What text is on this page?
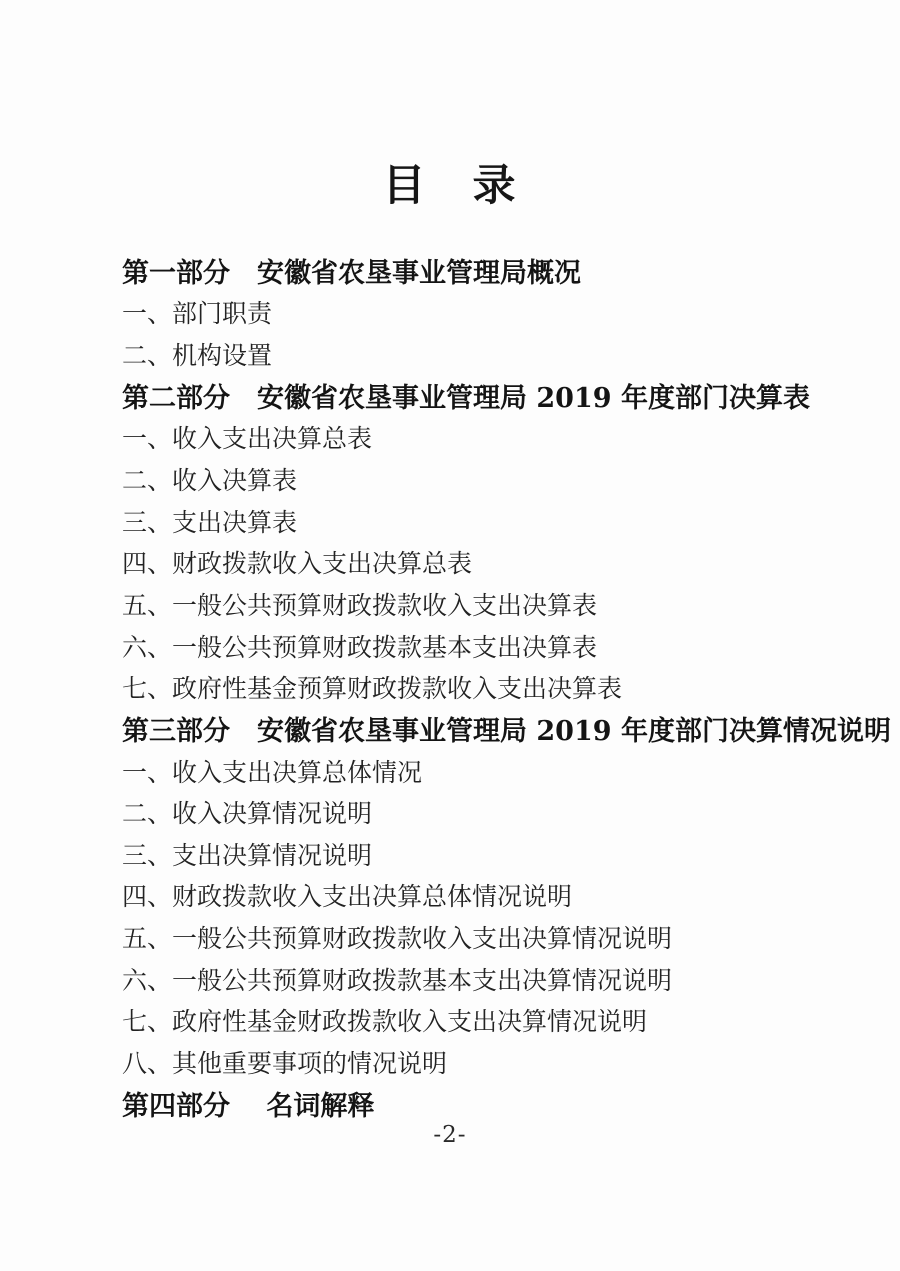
目　录
第一部分　安徽省农垦事业管理局概况
一、部门职责
二、机构设置
第二部分　安徽省农垦事业管理局 2019 年度部门决算表
一、收入支出决算总表
二、收入决算表
三、支出决算表
四、财政拨款收入支出决算总表
五、一般公共预算财政拨款收入支出决算表
六、一般公共预算财政拨款基本支出决算表
七、政府性基金预算财政拨款收入支出决算表
第三部分　安徽省农垦事业管理局 2019 年度部门决算情况说明
一、收入支出决算总体情况
二、收入决算情况说明
三、支出决算情况说明
四、财政拨款收入支出决算总体情况说明
五、一般公共预算财政拨款收入支出决算情况说明
六、一般公共预算财政拨款基本支出决算情况说明
七、政府性基金财政拨款收入支出决算情况说明
八、其他重要事项的情况说明
第四部分　 名词解释
-2-
